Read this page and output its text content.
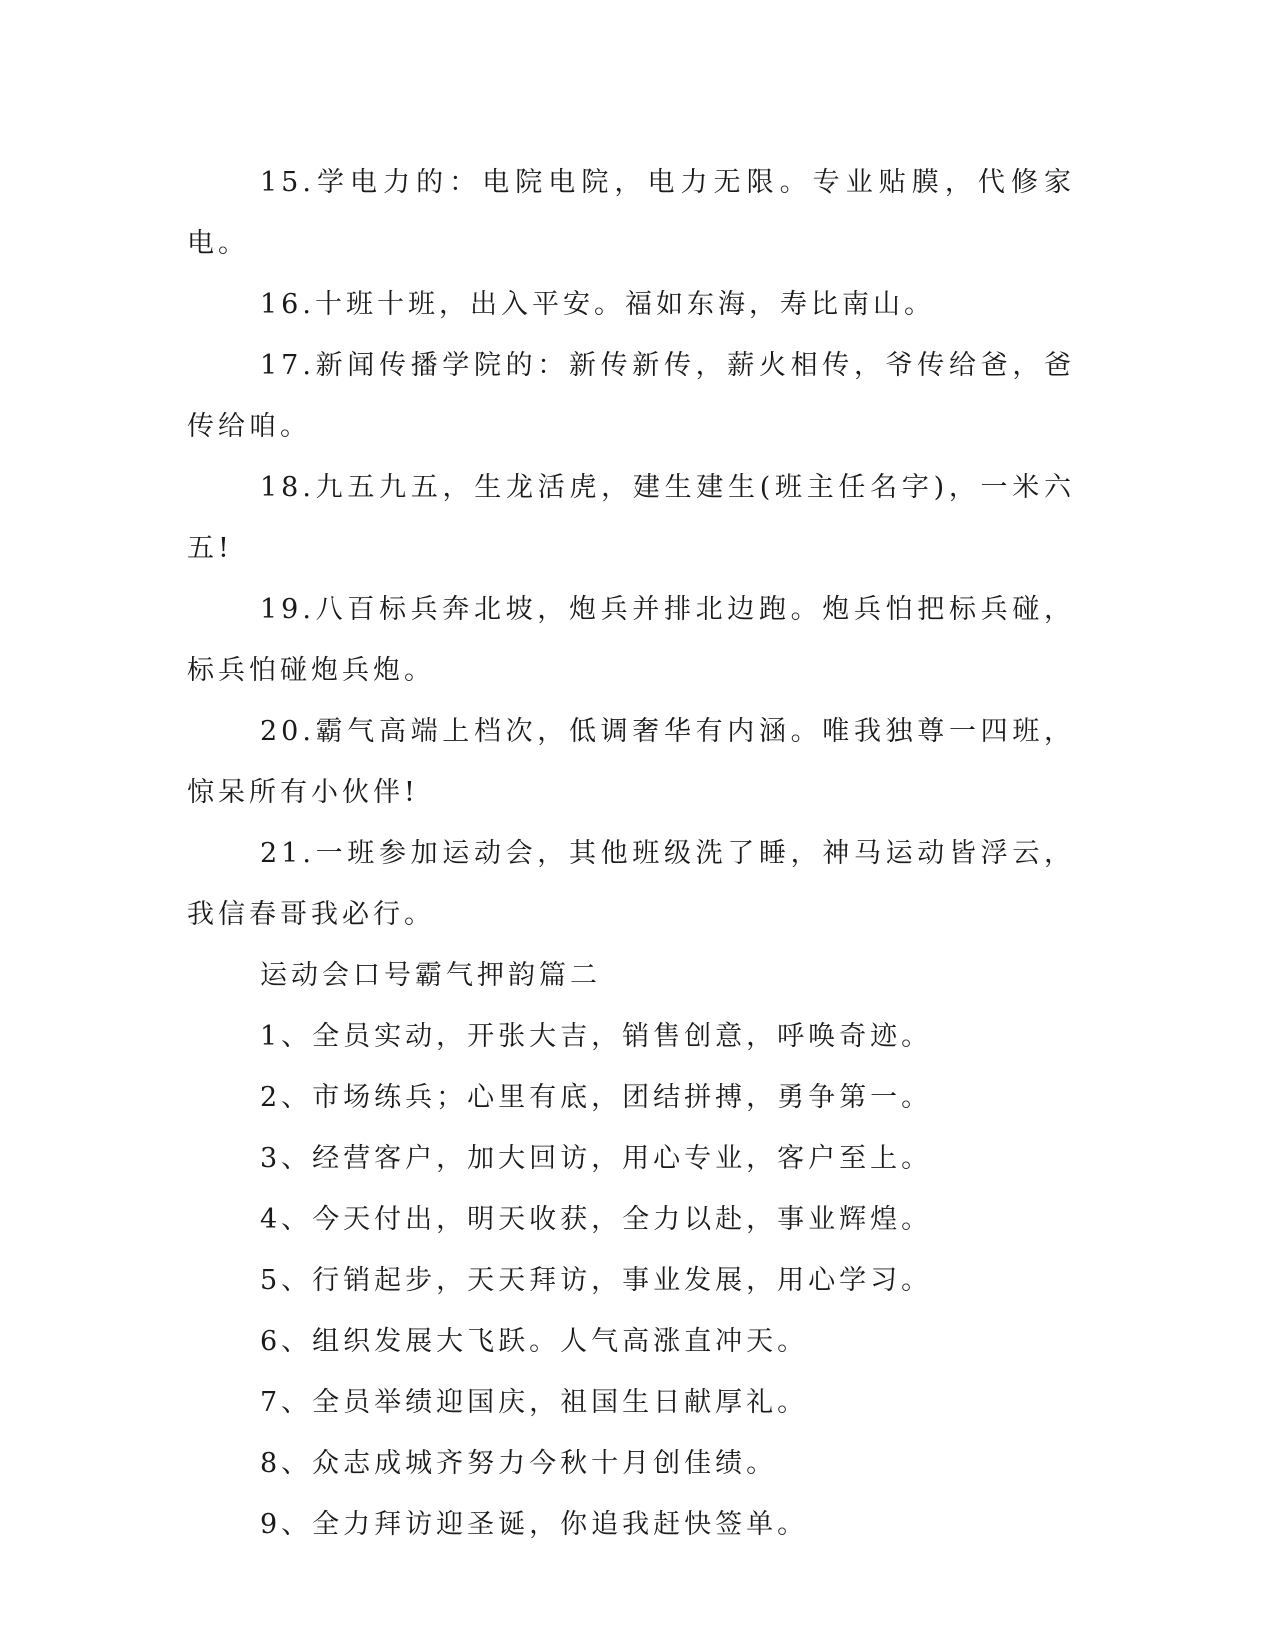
15.学电力的：电院电院，电力无限。专业贴膜，代修家电。

16.十班十班，出入平安。福如东海，寿比南山。

17.新闻传播学院的：新传新传，薪火相传，爷传给爸，爸传给咱。

18.九五九五，生龙活虎，建生建生(班主任名字)，一米六五!

19.八百标兵奔北坡，炮兵并排北边跑。炮兵怕把标兵碰，标兵怕碰炮兵炮。

20.霸气高端上档次，低调奢华有内涵。唯我独尊一四班，惊呆所有小伙伴!

21.一班参加运动会，其他班级洗了睡，神马运动皆浮云，我信春哥我必行。

运动会口号霸气押韵篇二

1、全员实动，开张大吉，销售创意，呼唤奇迹。

2、市场练兵；心里有底，团结拼搏，勇争第一。

3、经营客户，加大回访，用心专业，客户至上。

4、今天付出，明天收获，全力以赴，事业辉煌。

5、行销起步，天天拜访，事业发展，用心学习。

6、组织发展大飞跃。人气高涨直冲天。

7、全员举绩迎国庆，祖国生日献厚礼。

8、众志成城齐努力今秋十月创佳绩。

9、全力拜访迎圣诞，你追我赶快签单。
